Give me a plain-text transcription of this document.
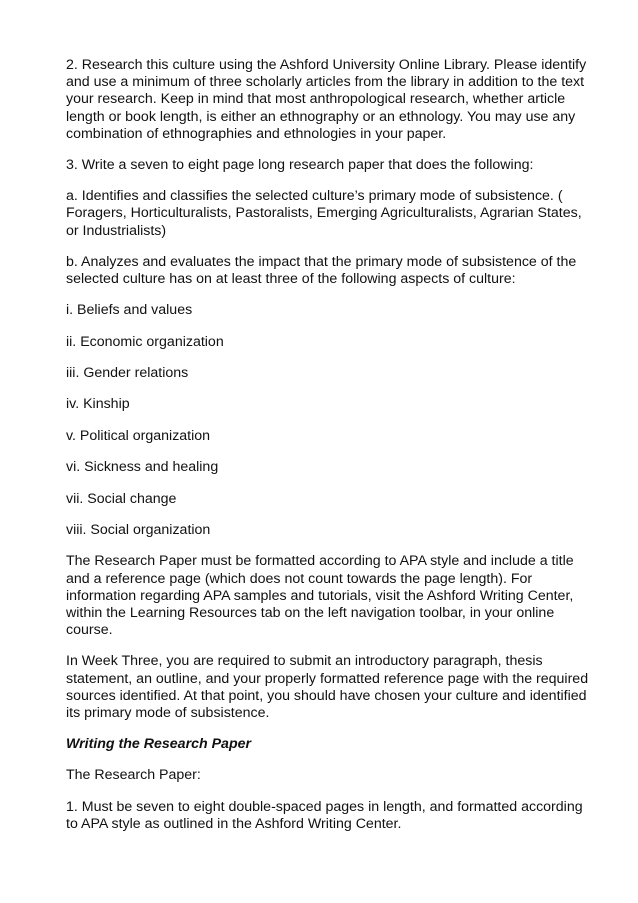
2. Research this culture using the Ashford University Online Library. Please identify and use a minimum of three scholarly articles from the library in addition to the text your research. Keep in mind that most anthropological research, whether article length or book length, is either an ethnography or an ethnology. You may use any combination of ethnographies and ethnologies in your paper.

3. Write a seven to eight page long research paper that does the following:

a. Identifies and classifies the selected culture’s primary mode of subsistence. ( Foragers, Horticulturalists, Pastoralists, Emerging Agriculturalists, Agrarian States, or Industrialists)

b. Analyzes and evaluates the impact that the primary mode of subsistence of the selected culture has on at least three of the following aspects of culture:

i. Beliefs and values

ii. Economic organization

iii. Gender relations

iv. Kinship

v. Political organization

vi. Sickness and healing

vii. Social change

viii. Social organization

The Research Paper must be formatted according to APA style and include a title and a reference page (which does not count towards the page length). For information regarding APA samples and tutorials, visit the Ashford Writing Center, within the Learning Resources tab on the left navigation toolbar, in your online course.

In Week Three, you are required to submit an introductory paragraph, thesis statement, an outline, and your properly formatted reference page with the required sources identified. At that point, you should have chosen your culture and identified its primary mode of subsistence.

Writing the Research Paper

The Research Paper:

1. Must be seven to eight double-spaced pages in length, and formatted according to APA style as outlined in the Ashford Writing Center.
